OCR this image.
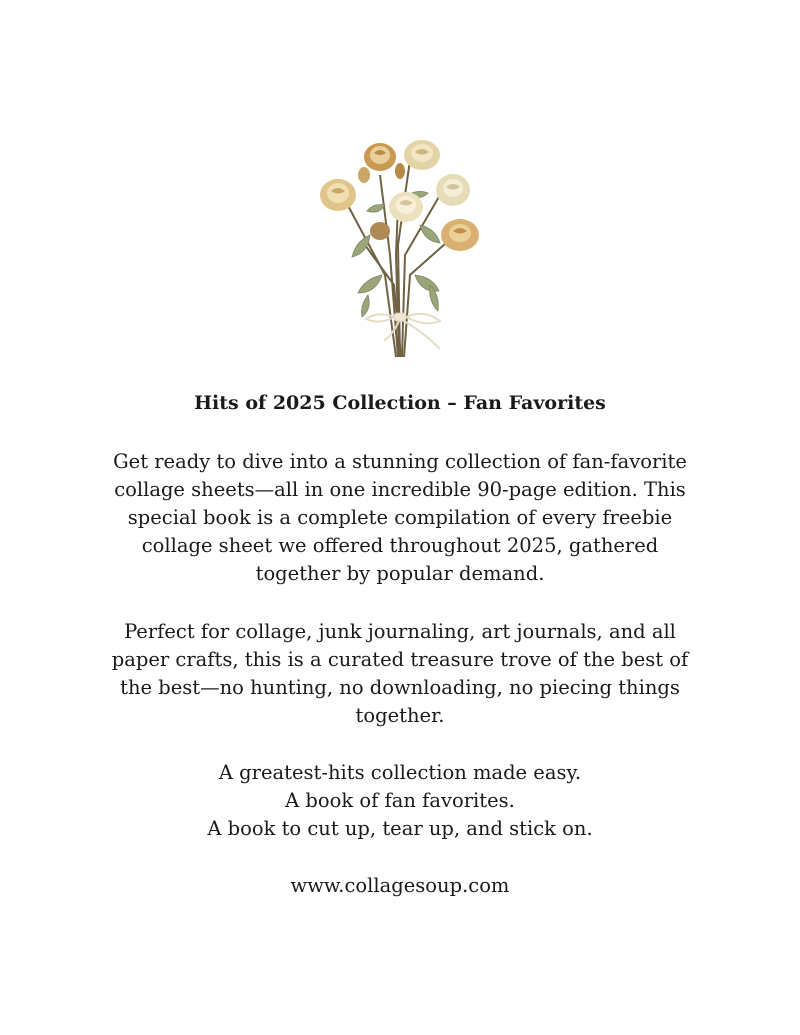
Hits of 2025 Collection – Fan Favorites
Get ready to dive into a stunning collection of fan-favorite
collage sheets—all in one incredible 90-page edition. This
special book is a complete compilation of every freebie
collage sheet we offered throughout 2025, gathered
together by popular demand.
Perfect for collage, junk journaling, art journals, and all
paper crafts, this is a curated treasure trove of the best of
the best—no hunting, no downloading, no piecing things
together.
A greatest-hits collection made easy.
A book of fan favorites.
A book to cut up, tear up, and stick on.
www.collagesoup.com
